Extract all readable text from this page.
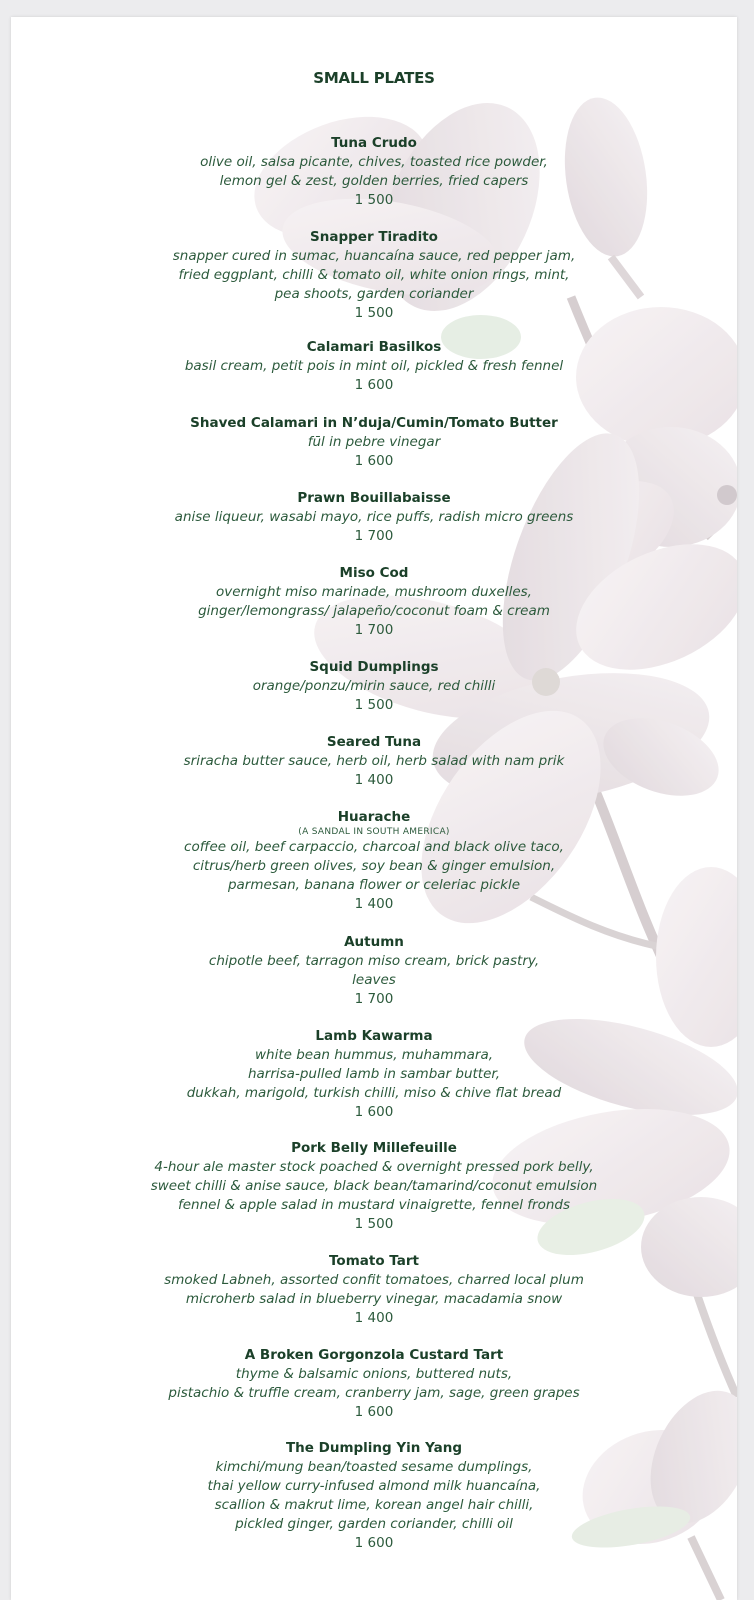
SMALL PLATES
Tuna Crudo
olive oil, salsa picante, chives, toasted rice powder,
lemon gel & zest, golden berries, fried capers
1 500
Snapper Tiradito
snapper cured in sumac, huancaína sauce, red pepper jam,
fried eggplant, chilli & tomato oil, white onion rings, mint,
pea shoots, garden coriander
1 500
Calamari Basilkos
basil cream, petit pois in mint oil, pickled & fresh fennel
1 600
Shaved Calamari in N’duja/Cumin/Tomato Butter
fūl in pebre vinegar
1 600
Prawn Bouillabaisse
anise liqueur, wasabi mayo, rice puffs, radish micro greens
1 700
Miso Cod
overnight miso marinade, mushroom duxelles,
ginger/lemongrass/ jalapeño/coconut foam & cream
1 700
Squid Dumplings
orange/ponzu/mirin sauce, red chilli
1 500
Seared Tuna
sriracha butter sauce, herb oil, herb salad with nam prik
1 400
Huarache
(A SANDAL IN SOUTH AMERICA)
coffee oil, beef carpaccio, charcoal and black olive taco,
citrus/herb green olives, soy bean & ginger emulsion,
parmesan, banana flower or celeriac pickle
1 400
Autumn
chipotle beef, tarragon miso cream, brick pastry,
leaves
1 700
Lamb Kawarma
white bean hummus, muhammara,
harrisa-pulled lamb in sambar butter,
dukkah, marigold, turkish chilli, miso & chive flat bread
1 600
Pork Belly Millefeuille
4-hour ale master stock poached & overnight pressed pork belly,
sweet chilli & anise sauce, black bean/tamarind/coconut emulsion
fennel & apple salad in mustard vinaigrette, fennel fronds
1 500
Tomato Tart
smoked Labneh, assorted confit tomatoes, charred local plum
microherb salad in blueberry vinegar, macadamia snow
1 400
A Broken Gorgonzola Custard Tart
thyme & balsamic onions, buttered nuts,
pistachio & truffle cream, cranberry jam, sage, green grapes
1 600
The Dumpling Yin Yang
kimchi/mung bean/toasted sesame dumplings,
thai yellow curry-infused almond milk huancaína,
scallion & makrut lime, korean angel hair chilli,
pickled ginger, garden coriander, chilli oil
1 600
